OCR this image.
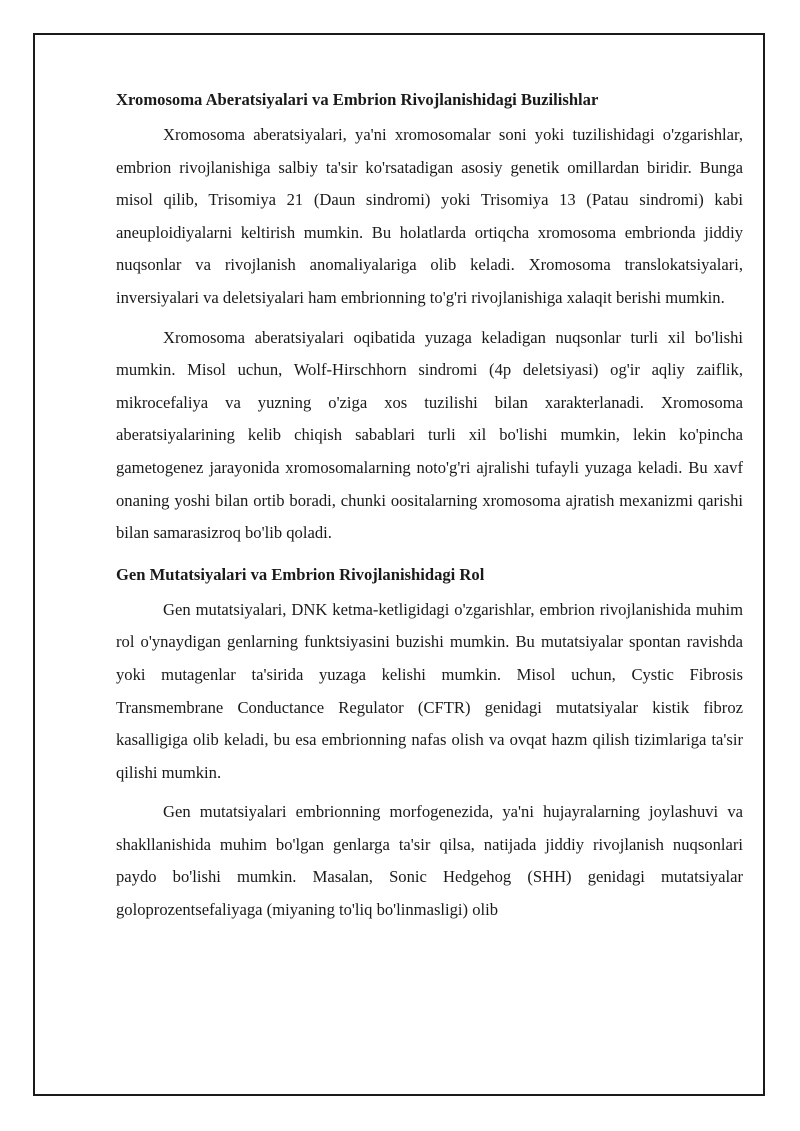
Xromosoma Aberatsiyalari va Embrion Rivojlanishidagi Buzilishlar

Xromosoma aberatsiyalari, ya'ni xromosomalar soni yoki tuzilishidagi o'zgarishlar, embrion rivojlanishiga salbiy ta'sir ko'rsatadigan asosiy genetik omillardan biridir. Bunga misol qilib, Trisomiya 21 (Daun sindromi) yoki Trisomiya 13 (Patau sindromi) kabi aneuploidiyalarni keltirish mumkin. Bu holatlarda ortiqcha xromosoma embrionda jiddiy nuqsonlar va rivojlanish anomaliyalariga olib keladi. Xromosoma translokatsiyalari, inversiyalari va deletsiyalari ham embrionning to'g'ri rivojlanishiga xalaqit berishi mumkin.

Xromosoma aberatsiyalari oqibatida yuzaga keladigan nuqsonlar turli xil bo'lishi mumkin. Misol uchun, Wolf-Hirschhorn sindromi (4p deletsiyasi) og'ir aqliy zaiflik, mikrocefaliya va yuzning o'ziga xos tuzilishi bilan xarakterlanadi. Xromosoma aberatsiyalarining kelib chiqish sabablari turli xil bo'lishi mumkin, lekin ko'pincha gametogenez jarayonida xromosomalarning noto'g'ri ajralishi tufayli yuzaga keladi. Bu xavf onaning yoshi bilan ortib boradi, chunki oositalarning xromosoma ajratish mexanizmi qarishi bilan samarasizroq bo'lib qoladi.

Gen Mutatsiyalari va Embrion Rivojlanishidagi Rol

Gen mutatsiyalari, DNK ketma-ketligidagi o'zgarishlar, embrion rivojlanishida muhim rol o'ynaydigan genlarning funktsiyasini buzishi mumkin. Bu mutatsiyalar spontan ravishda yoki mutagenlar ta'sirida yuzaga kelishi mumkin. Misol uchun, Cystic Fibrosis Transmembrane Conductance Regulator (CFTR) genidagi mutatsiyalar kistik fibroz kasalligiga olib keladi, bu esa embrionning nafas olish va ovqat hazm qilish tizimlariga ta'sir qilishi mumkin.

Gen mutatsiyalari embrionning morfogenezida, ya'ni hujayralarning joylashuvi va shakllanishida muhim bo'lgan genlarga ta'sir qilsa, natijada jiddiy rivojlanish nuqsonlari paydo bo'lishi mumkin. Masalan, Sonic Hedgehog (SHH) genidagi mutatsiyalar goloprozentsefaliyaga (miyaning to'liq bo'linmasligi) olib
